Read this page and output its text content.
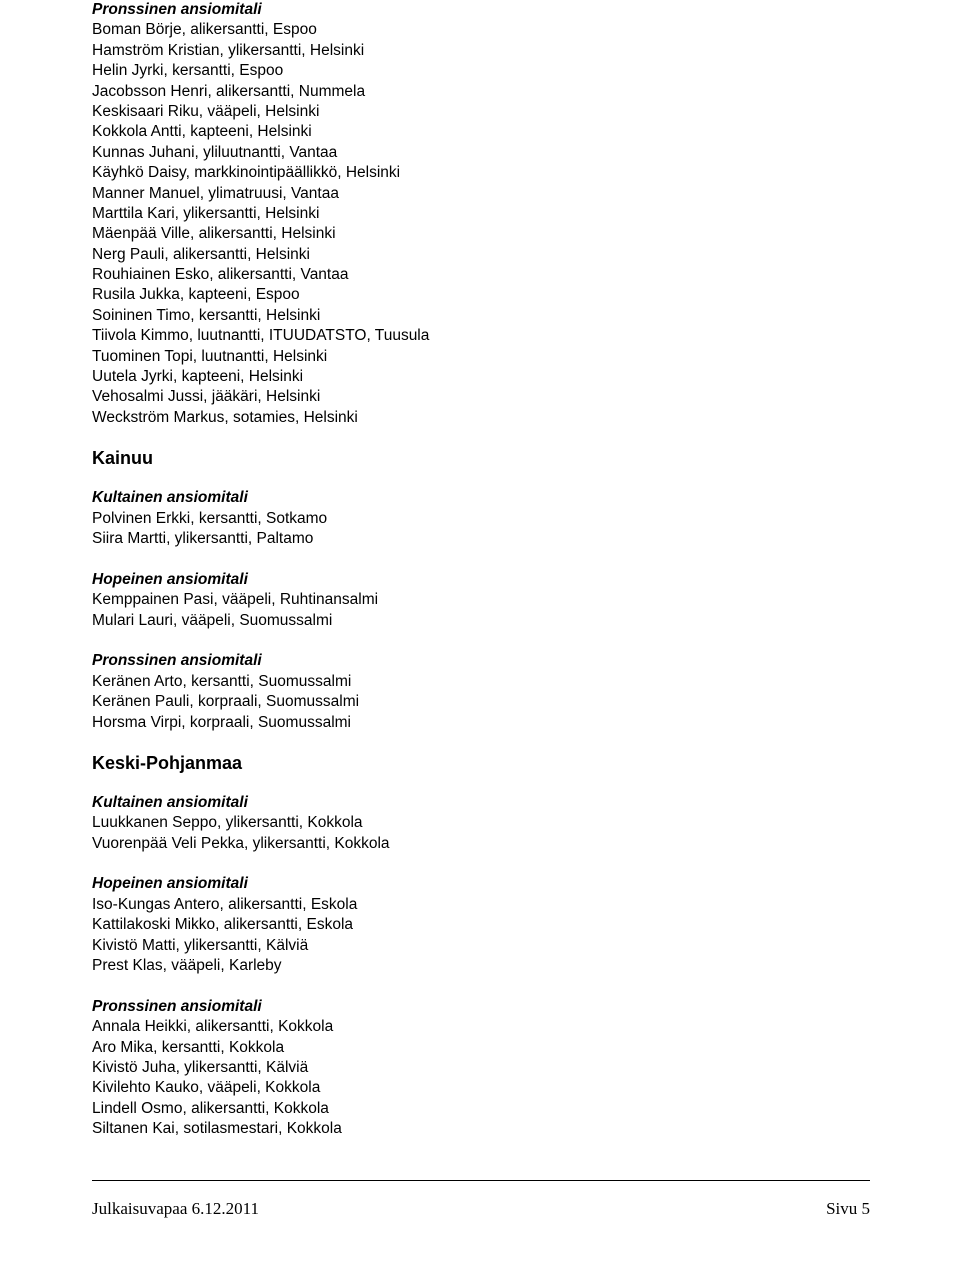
Pronssinen ansiomitali
Boman Börje, alikersantti, Espoo
Hamström Kristian, ylikersantti, Helsinki
Helin Jyrki, kersantti, Espoo
Jacobsson Henri, alikersantti, Nummela
Keskisaari Riku, vääpeli, Helsinki
Kokkola Antti, kapteeni, Helsinki
Kunnas Juhani, yliluutnantti, Vantaa
Käyhkö Daisy, markkinointipäällikkö, Helsinki
Manner Manuel, ylimatruusi, Vantaa
Marttila Kari, ylikersantti, Helsinki
Mäenpää Ville, alikersantti, Helsinki
Nerg Pauli, alikersantti, Helsinki
Rouhiainen Esko, alikersantti, Vantaa
Rusila Jukka, kapteeni, Espoo
Soininen Timo, kersantti, Helsinki
Tiivola Kimmo, luutnantti, ITUUDATSTO, Tuusula
Tuominen Topi, luutnantti, Helsinki
Uutela Jyrki, kapteeni, Helsinki
Vehosalmi Jussi, jääkäri, Helsinki
Weckström Markus, sotamies, Helsinki
Kainuu
Kultainen ansiomitali
Polvinen Erkki, kersantti, Sotkamo
Siira Martti, ylikersantti, Paltamo
Hopeinen ansiomitali
Kemppainen Pasi, vääpeli, Ruhtinansalmi
Mulari Lauri, vääpeli, Suomussalmi
Pronssinen ansiomitali
Keränen Arto, kersantti, Suomussalmi
Keränen Pauli, korpraali, Suomussalmi
Horsma Virpi, korpraali, Suomussalmi
Keski-Pohjanmaa
Kultainen ansiomitali
Luukkanen Seppo, ylikersantti, Kokkola
Vuorenpää Veli Pekka, ylikersantti, Kokkola
Hopeinen ansiomitali
Iso-Kungas Antero, alikersantti, Eskola
Kattilakoski Mikko, alikersantti, Eskola
Kivistö Matti, ylikersantti, Kälviä
Prest Klas, vääpeli, Karleby
Pronssinen ansiomitali
Annala Heikki, alikersantti, Kokkola
Aro Mika, kersantti, Kokkola
Kivistö Juha, ylikersantti, Kälviä
Kivilehto Kauko, vääpeli, Kokkola
Lindell Osmo, alikersantti, Kokkola
Siltanen Kai, sotilasmestari, Kokkola
Julkaisuvapaa 6.12.2011	Sivu 5
